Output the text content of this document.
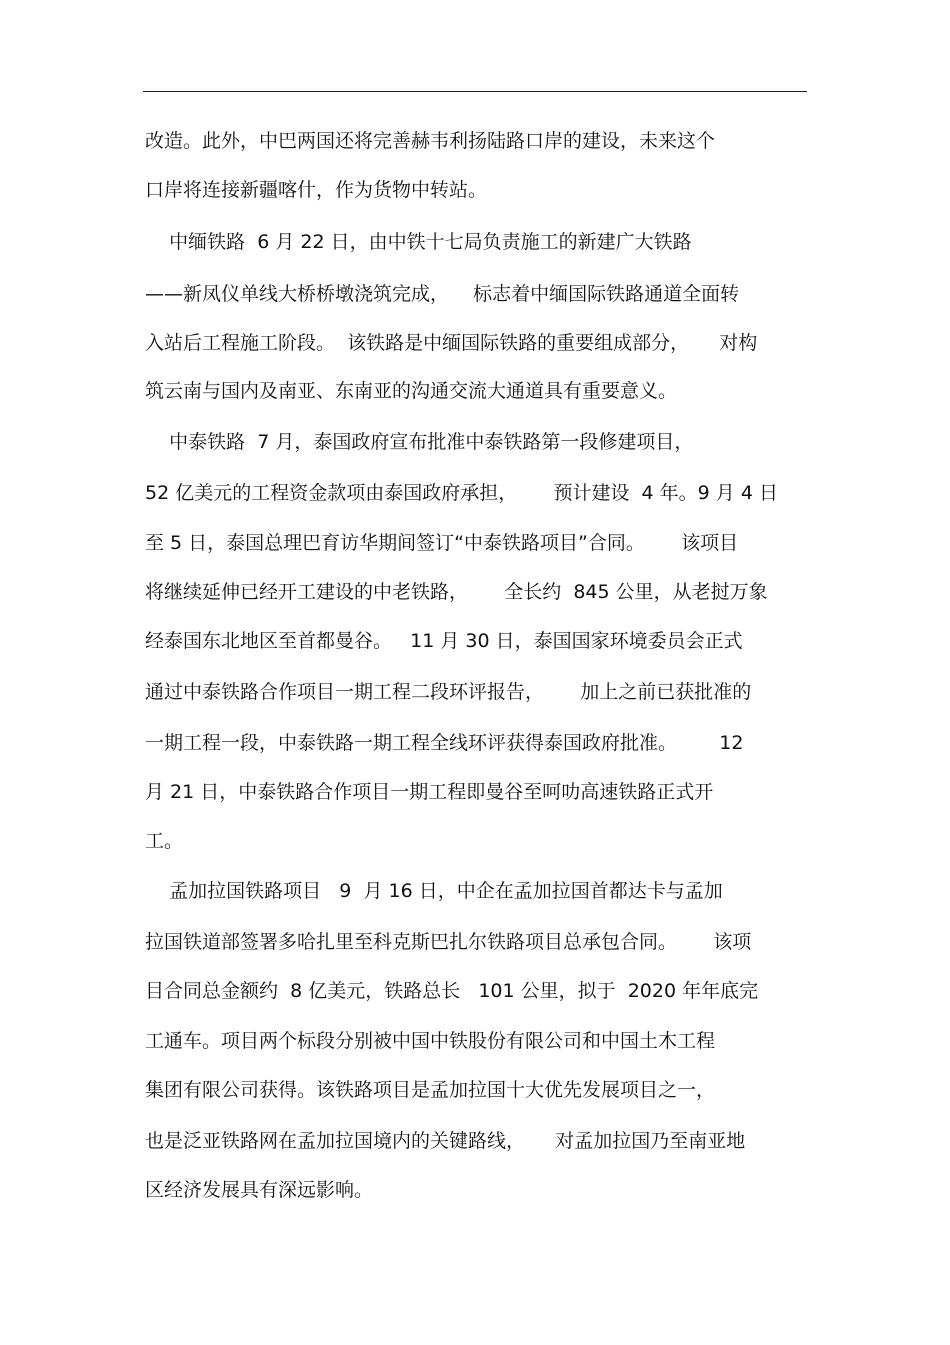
改造。此外，中巴两国还将完善赫韦利扬陆路口岸的建设，未来这个
口岸将连接新疆喀什，作为货物中转站。
中缅铁路  6 月 22 日，由中铁十七局负责施工的新建广大铁路
——新凤仪单线大桥桥墩浇筑完成，    标志着中缅国际铁路通道全面转
入站后工程施工阶段。  该铁路是中缅国际铁路的重要组成部分，     对构
筑云南与国内及南亚、东南亚的沟通交流大通道具有重要意义。
中泰铁路  7 月，泰国政府宣布批准中泰铁路第一段修建项目，
52 亿美元的工程资金款项由泰国政府承担，      预计建设  4 年。9 月 4 日
至 5 日，泰国总理巴育访华期间签订“中泰铁路项目”合同。      该项目
将继续延伸已经开工建设的中老铁路，      全长约  845 公里，从老挝万象
经泰国东北地区至首都曼谷。   11 月 30 日，泰国国家环境委员会正式
通过中泰铁路合作项目一期工程二段环评报告，      加上之前已获批准的
一期工程一段，中泰铁路一期工程全线环评获得泰国政府批准。       12
月 21 日，中泰铁路合作项目一期工程即曼谷至呵叻高速铁路正式开
工。
孟加拉国铁路项目   9  月 16 日，中企在孟加拉国首都达卡与孟加
拉国铁道部签署多哈扎里至科克斯巴扎尔铁路项目总承包合同。      该项
目合同总金额约  8 亿美元，铁路总长   101 公里，拟于  2020 年年底完
工通车。项目两个标段分别被中国中铁股份有限公司和中国土木工程
集团有限公司获得。该铁路项目是孟加拉国十大优先发展项目之一，
也是泛亚铁路网在孟加拉国境内的关键路线，     对孟加拉国乃至南亚地
区经济发展具有深远影响。
